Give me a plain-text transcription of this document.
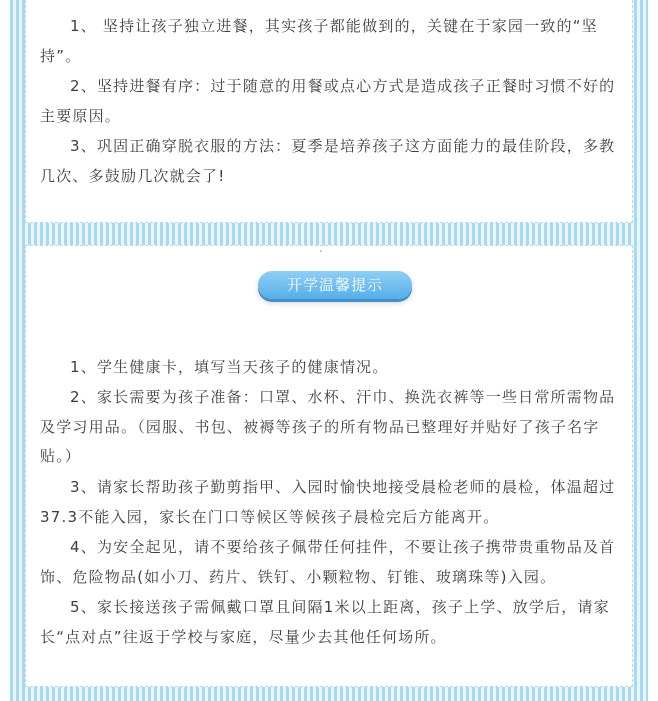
1、 坚持让孩子独立进餐，其实孩子都能做到的，关键在于家园一致的“坚持”。

2、坚持进餐有序：过于随意的用餐或点心方式是造成孩子正餐时习惯不好的主要原因。

3、巩固正确穿脱衣服的方法：夏季是培养孩子这方面能力的最佳阶段，多教几次、多鼓励几次就会了!

开学温馨提示

1、学生健康卡，填写当天孩子的健康情况。

2、家长需要为孩子准备：口罩、水杯、汗巾、换洗衣裤等一些日常所需物品及学习用品。（园服、书包、被褥等孩子的所有物品已整理好并贴好了孩子名字贴。）

3、请家长帮助孩子勤剪指甲、入园时愉快地接受晨检老师的晨检，体温超过37.3不能入园，家长在门口等候区等候孩子晨检完后方能离开。

4、为安全起见，请不要给孩子佩带任何挂件，不要让孩子携带贵重物品及首饰、危险物品(如小刀、药片、铁钉、小颗粒物、钉锥、玻璃珠等)入园。

5、家长接送孩子需佩戴口罩且间隔1米以上距离，孩子上学、放学后，请家长“点对点”往返于学校与家庭，尽量少去其他任何场所。
